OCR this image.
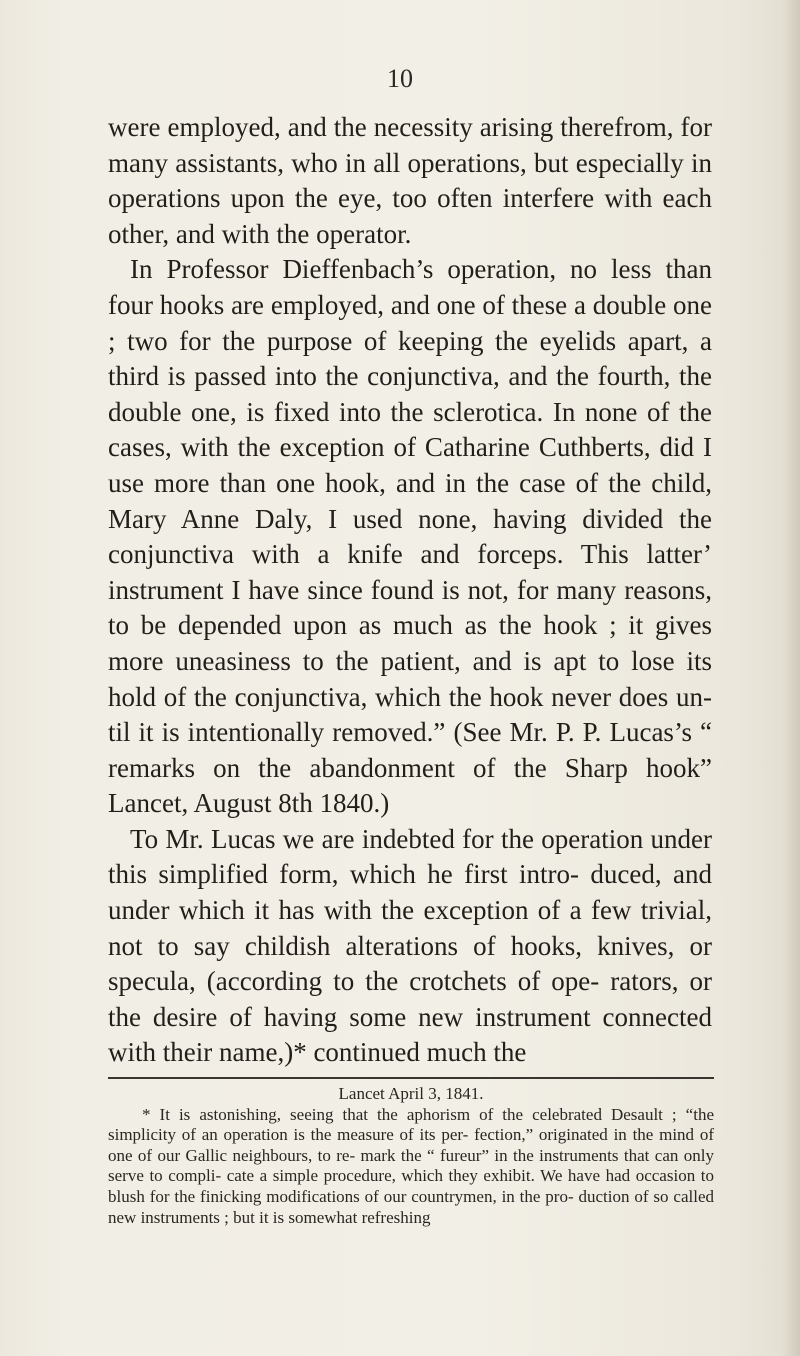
10

were employed, and the necessity arising therefrom, for many assistants, who in all operations, but especially in operations upon the eye, too often interfere with each other, and with the operator.

In Professor Dieffenbach’s operation, no less than four hooks are employed, and one of these a double one ; two for the purpose of keeping the eyelids apart, a third is passed into the conjunctiva, and the fourth, the double one, is fixed into the sclerotica. In none of the cases, with the exception of Catharine Cuthberts, did I use more than one hook, and in the case of the child, Mary Anne Daly, I used none, having divided the conjunctiva with a knife and forceps. This latter’ instrument I have since found is not, for many reasons, to be depended upon as much as the hook ; it gives more uneasiness to the patient, and is apt to lose its hold of the conjunctiva, which the hook never does un- til it is intentionally removed.” (See Mr. P. P. Lucas’s “ remarks on the abandonment of the Sharp hook” Lancet, August 8th 1840.)

To Mr. Lucas we are indebted for the operation under this simplified form, which he first intro- duced, and under which it has with the exception of a few trivial, not to say childish alterations of hooks, knives, or specula, (according to the crotchets of ope- rators, or the desire of having some new instrument connected with their name,)* continued much the

Lancet April 3, 1841.

* It is astonishing, seeing that the aphorism of the celebrated Desault ; “the simplicity of an operation is the measure of its per- fection,” originated in the mind of one of our Gallic neighbours, to re- mark the “ fureur” in the instruments that can only serve to compli- cate a simple procedure, which they exhibit. We have had occasion to blush for the finicking modifications of our countrymen, in the pro- duction of so called new instruments ; but it is somewhat refreshing
